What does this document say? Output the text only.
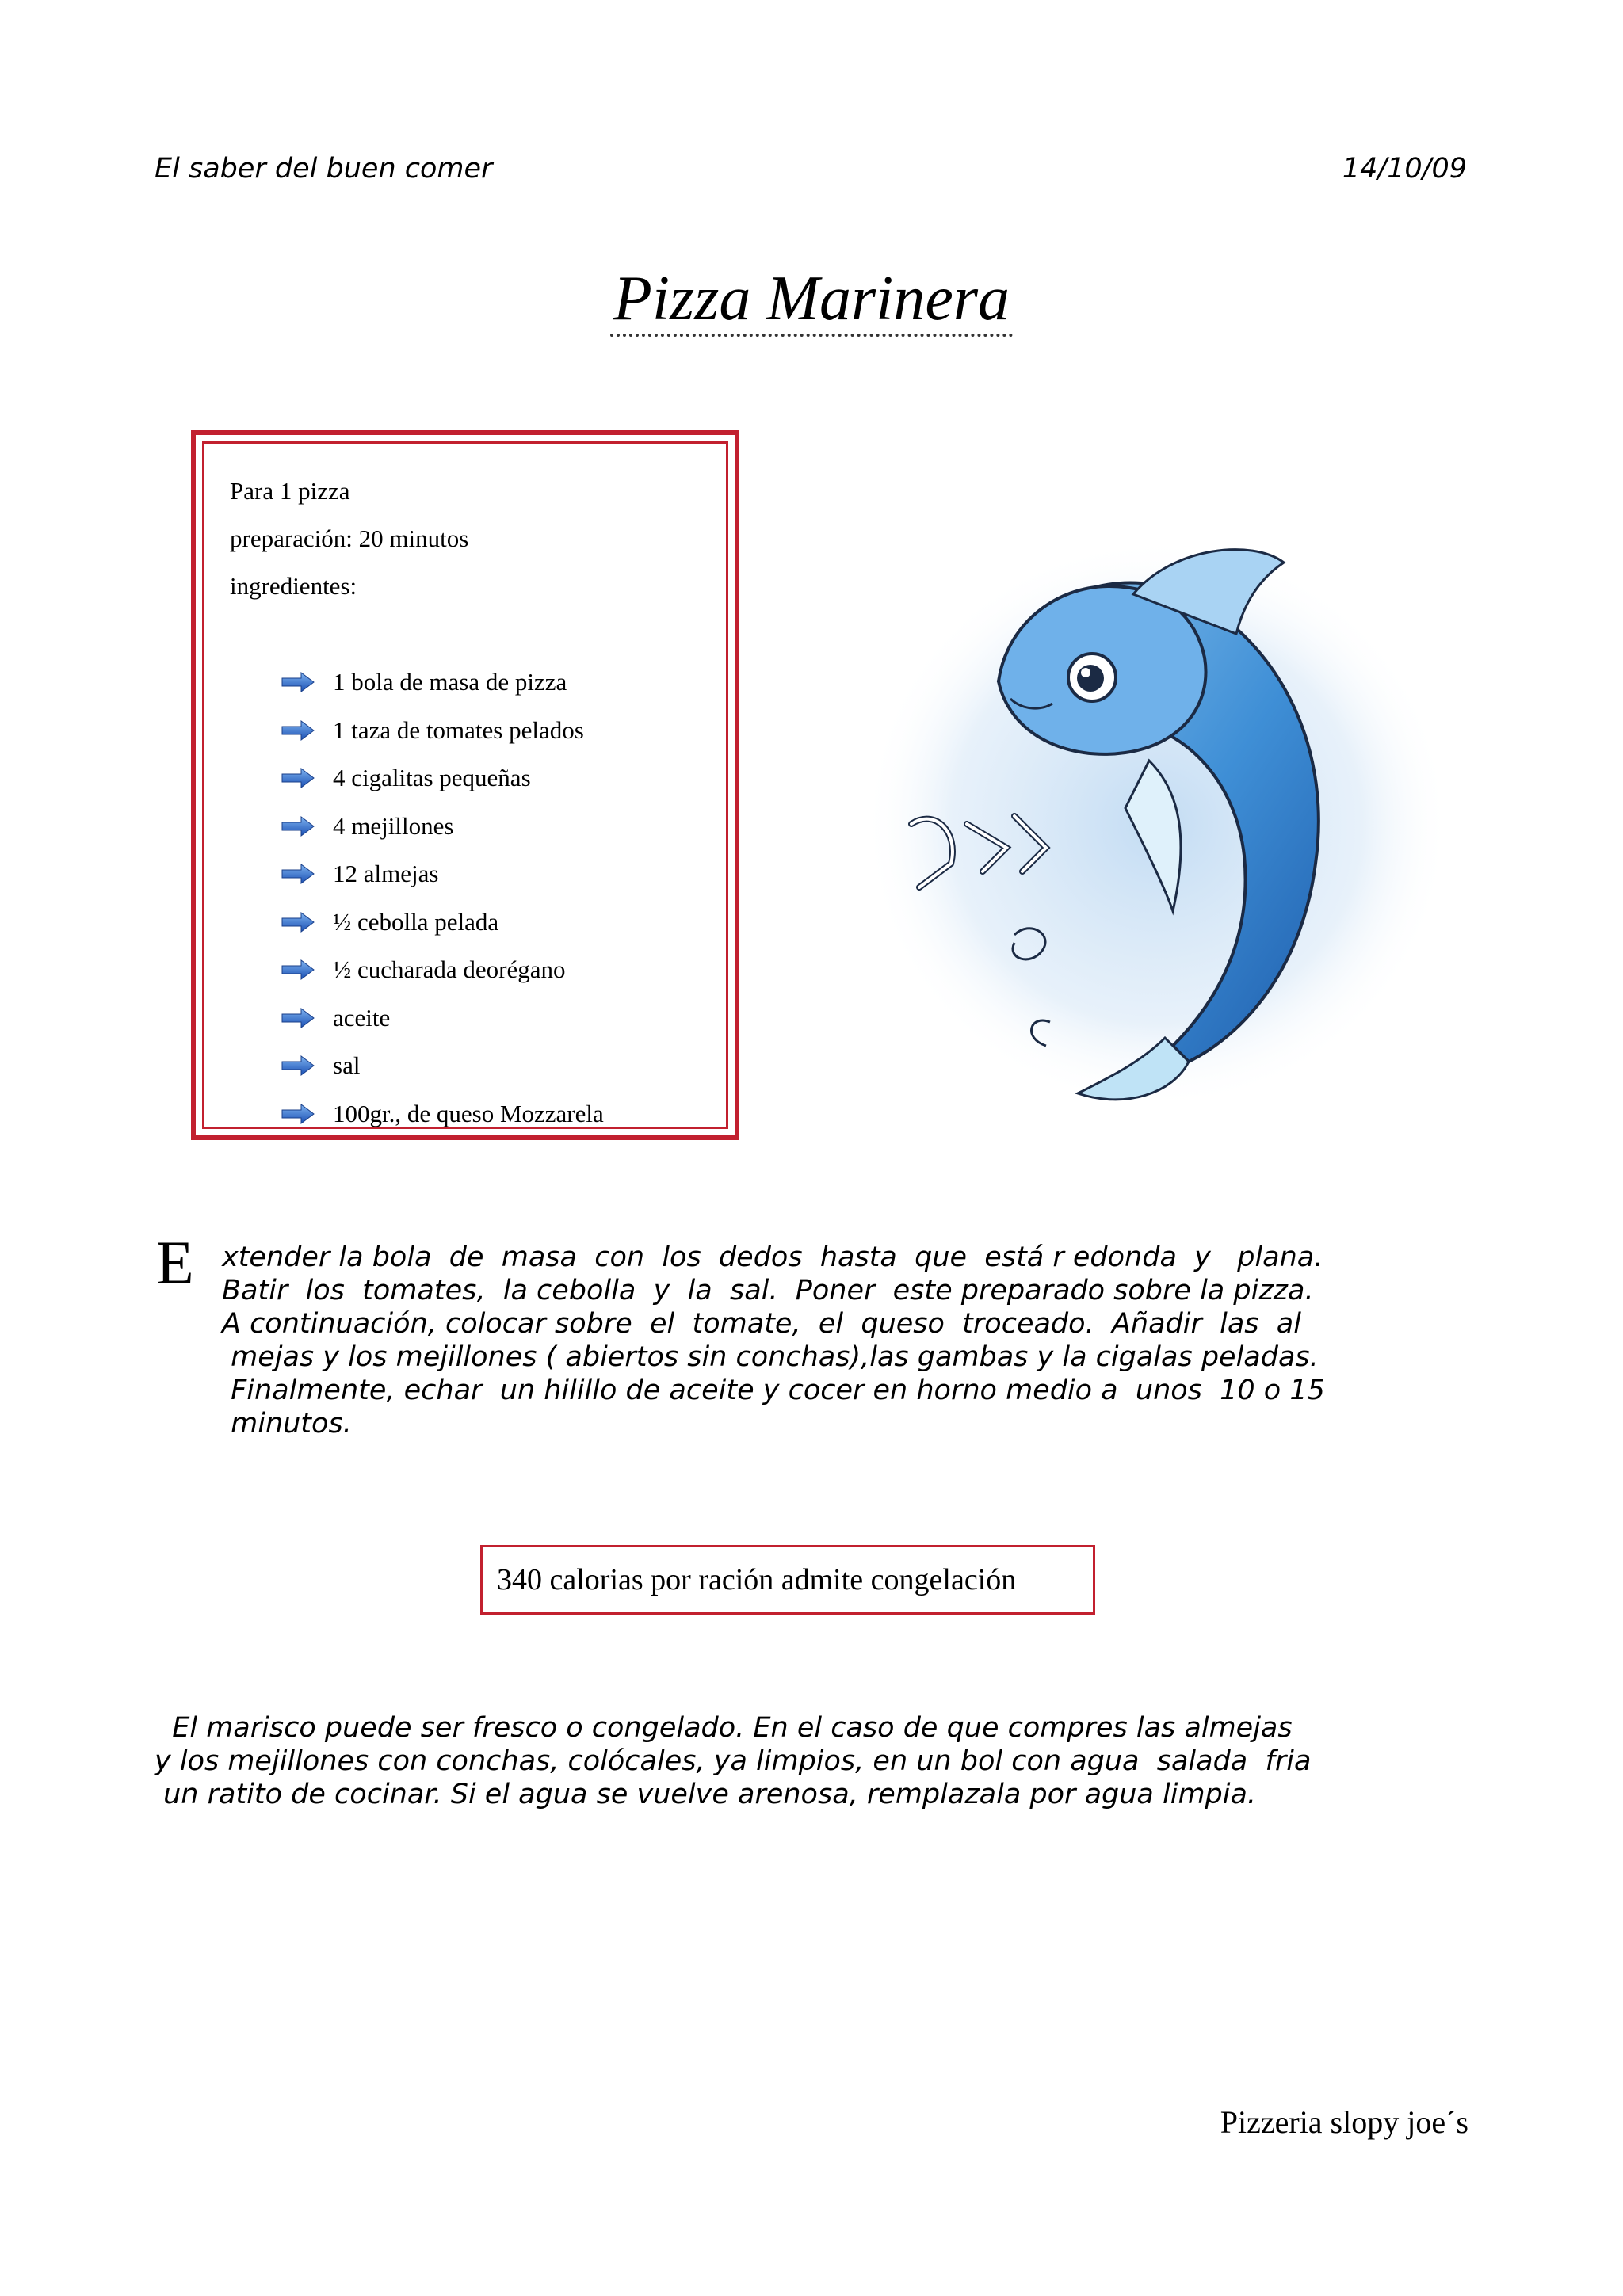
El saber del buen comer	14/10/09
Pizza Marinera
Para 1 pizza
preparación: 20 minutos
ingredientes:
1 bola de masa de pizza
1 taza de tomates pelados
4 cigalitas pequeñas
4 mejillones
12 almejas
½ cebolla pelada
½ cucharada deorégano
aceite
sal
100gr., de queso Mozzarela
E xtender la bola  de  masa  con  los  dedos  hasta  que  está r edonda  y   plana.
Batir  los  tomates,  la cebolla  y  la  sal.  Poner  este preparado sobre la pizza.
A continuación, colocar sobre  el  tomate,  el  queso  troceado.  Añadir  las  al
mejas y los mejillones ( abiertos sin conchas),las gambas y la cigalas peladas.
Finalmente, echar  un hilillo de aceite y cocer en horno medio a  unos  10 o 15
minutos.
340 calorias por ración admite congelación
El marisco puede ser fresco o congelado. En el caso de que compres las almejas
y los mejillones con conchas, colócales, ya limpios, en un bol con agua  salada  fria
un ratito de cocinar. Si el agua se vuelve arenosa, remplazala por agua limpia.
Pizzeria slopy joe´s
